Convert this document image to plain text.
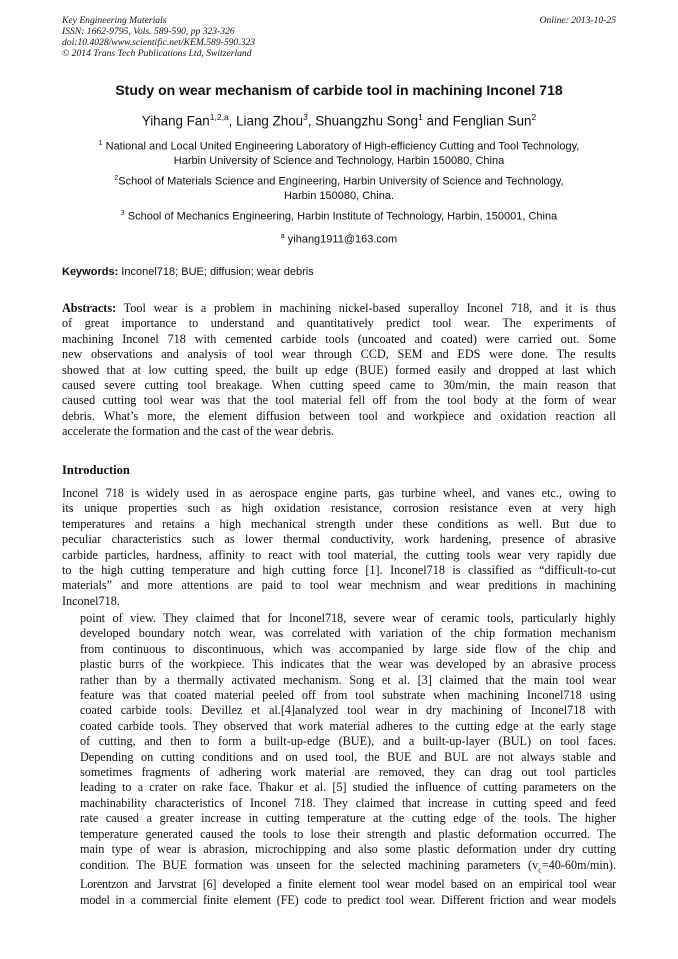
Key Engineering Materials	Online: 2013-10-25
ISSN: 1662-9795, Vols. 589-590, pp 323-326
doi:10.4028/www.scientific.net/KEM.589-590.323
© 2014 Trans Tech Publications Ltd, Switzerland
Study on wear mechanism of carbide tool in machining Inconel 718
Yihang Fan$^{1,2,a}$, Liang Zhou$^3$, Shuangzhu Song$^1$ and Fenglian Sun$^2$
$^1$ National and Local United Engineering Laboratory of High-efficiency Cutting and Tool Technology,
Harbin University of Science and Technology, Harbin 150080, China
$^2$School of Materials Science and Engineering, Harbin University of Science and Technology,
Harbin 150080, China.
$^3$ School of Mechanics Engineering, Harbin Institute of Technology, Harbin, 150001, China
$^a$ yihang1911@163.com
Keywords: Inconel718; BUE; diffusion; wear debris
Abstracts: Tool wear is a problem in machining nickel-based superalloy Inconel 718, and it is thus
of great importance to understand and quantitatively predict tool wear. The experiments of
machining Inconel 718 with cemented carbide tools (uncoated and coated) were carried out. Some
new observations and analysis of tool wear through CCD, SEM and EDS were done. The results
showed that at low cutting speed, the built up edge (BUE) formed easily and dropped at last which
caused severe cutting tool breakage. When cutting speed came to 30m/min, the main reason that
caused cutting tool wear was that the tool material fell off from the tool body at the form of wear
debris. What’s more, the element diffusion between tool and workpiece and oxidation reaction all
accelerate the formation and the cast of the wear debris.
Introduction
Inconel 718 is widely used in as aerospace engine parts, gas turbine wheel, and vanes etc., owing to
its unique properties such as high oxidation resistance, corrosion resistance even at very high
temperatures and retains a high mechanical strength under these conditions as well. But due to
peculiar characteristics such as lower thermal conductivity, work hardening, presence of abrasive
carbide particles, hardness, affinity to react with tool material, the cutting tools wear very rapidly due
to the high cutting temperature and high cutting force [1]. Inconel718 is classified as “difficult-to-cut
materials” and more attentions are paid to tool wear mechnism and wear preditions in machining
Inconel718.
point of view. They claimed that for lnconel718, severe wear of ceramic tools, particularly highly
developed boundary notch wear, was correlated with variation of the chip formation mechanism
from continuous to discontinuous, which was accompanied by large side flow of the chip and
plastic burrs of the workpiece. This indicates that the wear was developed by an abrasive process
rather than by a thermally activated mechanism. Song et al. [3] claimed that the main tool wear
feature was that coated material peeled off from tool substrate when machining Inconel718 using
coated carbide tools. Devillez et al.[4]analyzed tool wear in dry machining of Inconel718 with
coated carbide tools. They observed that work material adheres to the cutting edge at the early stage
of cutting, and then to form a built-up-edge (BUE), and a built-up-layer (BUL) on tool faces.
Depending on cutting conditions and on used tool, the BUE and BUL are not always stable and
sometimes fragments of adhering work material are removed, they can drag out tool particles
leading to a crater on rake face. Thakur et al. [5] studied the influence of cutting parameters on the
machinability characteristics of Inconel 718. They claimed that increase in cutting speed and feed
rate caused a greater increase in cutting temperature at the cutting edge of the tools. The higher
temperature generated caused the tools to lose their strength and plastic deformation occurred. The
main type of wear is abrasion, microchipping and also some plastic deformation under dry cutting
condition. The BUE formation was unseen for the selected machining parameters $(v_c=40-60m/\min)$.
Lorentzon and Jarvstrat [6] developed a finite element tool wear model based on an empirical tool wear
model in a commercial finite element (FE) code to predict tool wear. Different friction and wear models
